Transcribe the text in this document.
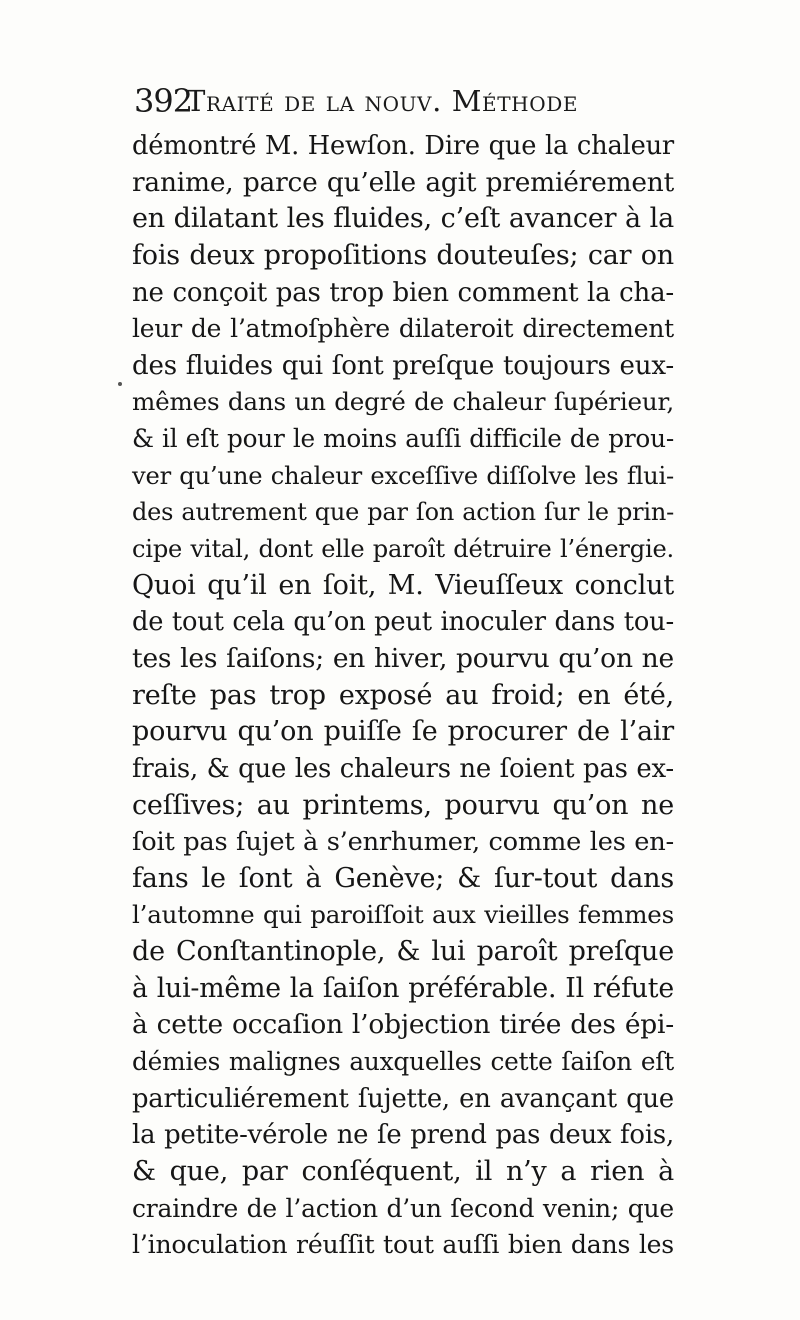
392
Traité de la nouv. Méthode
démontré M. Hewſon. Dire que la chaleur
ranime, parce qu’elle agit premiérement
en dilatant les fluides, c’eſt avancer à la
fois deux propoſitions douteuſes; car on
ne conçoit pas trop bien comment la cha-
leur de l’atmoſphère dilateroit directement
des fluides qui ſont preſque toujours eux-
mêmes dans un degré de chaleur ſupérieur,
& il eſt pour le moins auſſi difficile de prou-
ver qu’une chaleur exceſſive diſſolve les flui-
des autrement que par ſon action ſur le prin-
cipe vital, dont elle paroît détruire l’énergie.
Quoi qu’il en ſoit, M. Vieuſſeux conclut
de tout cela qu’on peut inoculer dans tou-
tes les ſaiſons; en hiver, pourvu qu’on ne
reſte pas trop exposé au froid; en été,
pourvu qu’on puiſſe ſe procurer de l’air
frais, & que les chaleurs ne ſoient pas ex-
ceſſives; au printems, pourvu qu’on ne
ſoit pas ſujet à s’enrhumer, comme les en-
fans le ſont à Genève; & ſur-tout dans
l’automne qui paroiſſoit aux vieilles femmes
de Conſtantinople, & lui paroît preſque
à lui-même la ſaiſon préférable. Il réfute
à cette occaſion l’objection tirée des épi-
démies malignes auxquelles cette ſaiſon eſt
particuliérement ſujette, en avançant que
la petite-vérole ne ſe prend pas deux fois,
& que, par conſéquent, il n’y a rien à
craindre de l’action d’un ſecond venin; que
l’inoculation réuſſit tout auſſi bien dans les
